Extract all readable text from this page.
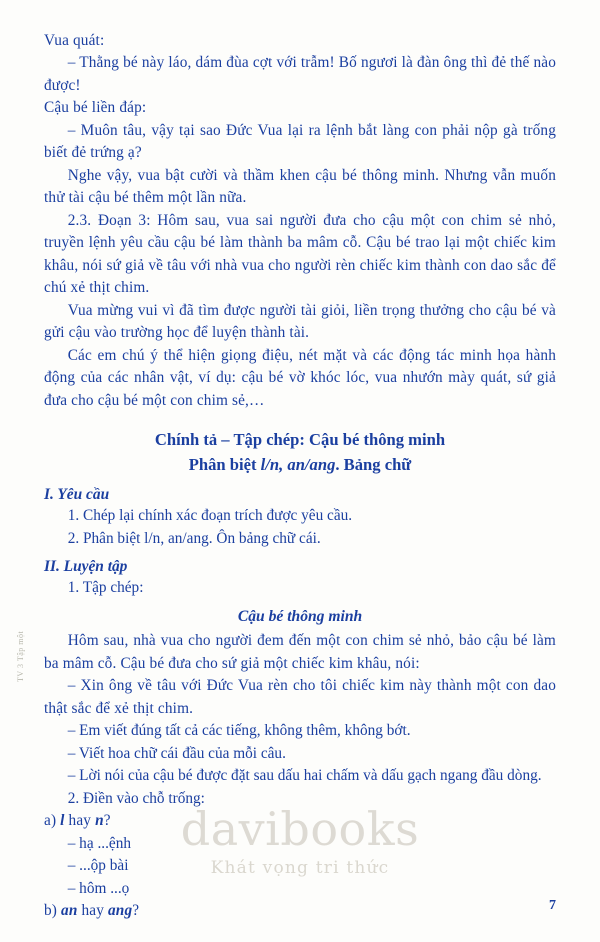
Vua quát:

– Thằng bé này láo, dám đùa cợt với trẫm! Bố ngươi là đàn ông thì đẻ thế nào được!

Cậu bé liền đáp:

– Muôn tâu, vậy tại sao Đức Vua lại ra lệnh bắt làng con phải nộp gà trống biết đẻ trứng ạ?

Nghe vậy, vua bật cười và thầm khen cậu bé thông minh. Nhưng vẫn muốn thử tài cậu bé thêm một lần nữa.

2.3. Đoạn 3: Hôm sau, vua sai người đưa cho cậu một con chim sẻ nhỏ, truyền lệnh yêu cầu cậu bé làm thành ba mâm cỗ. Cậu bé trao lại một chiếc kim khâu, nói sứ giả về tâu với nhà vua cho người rèn chiếc kim thành con dao sắc để chú xẻ thịt chim.

Vua mừng vui vì đã tìm được người tài giỏi, liền trọng thưởng cho cậu bé và gửi cậu vào trường học để luyện thành tài.

Các em chú ý thể hiện giọng điệu, nét mặt và các động tác minh họa hành động của các nhân vật, ví dụ: cậu bé vờ khóc lóc, vua nhướn mày quát, sứ giả đưa cho cậu bé một con chim sẻ,…

Chính tả – Tập chép: Cậu bé thông minh
Phân biệt l/n, an/ang. Bảng chữ
I. Yêu cầu

1. Chép lại chính xác đoạn trích được yêu cầu.

2. Phân biệt l/n, an/ang. Ôn bảng chữ cái.

II. Luyện tập

1. Tập chép:

Cậu bé thông minh

Hôm sau, nhà vua cho người đem đến một con chim sẻ nhỏ, bảo cậu bé làm ba mâm cỗ. Cậu bé đưa cho sứ giả một chiếc kim khâu, nói:

– Xin ông về tâu với Đức Vua rèn cho tôi chiếc kim này thành một con dao thật sắc để xẻ thịt chim.

– Em viết đúng tất cả các tiếng, không thêm, không bớt.

– Viết hoa chữ cái đầu của mỗi câu.

– Lời nói của cậu bé được đặt sau dấu hai chấm và dấu gạch ngang đầu dòng.

2. Điền vào chỗ trống:

a) l hay n?

– hạ ...ệnh

– ...ộp bài

– hôm ...ọ

b) an hay ang?

davibooks
Khát vọng tri thức
TV 3 Tập một
7
